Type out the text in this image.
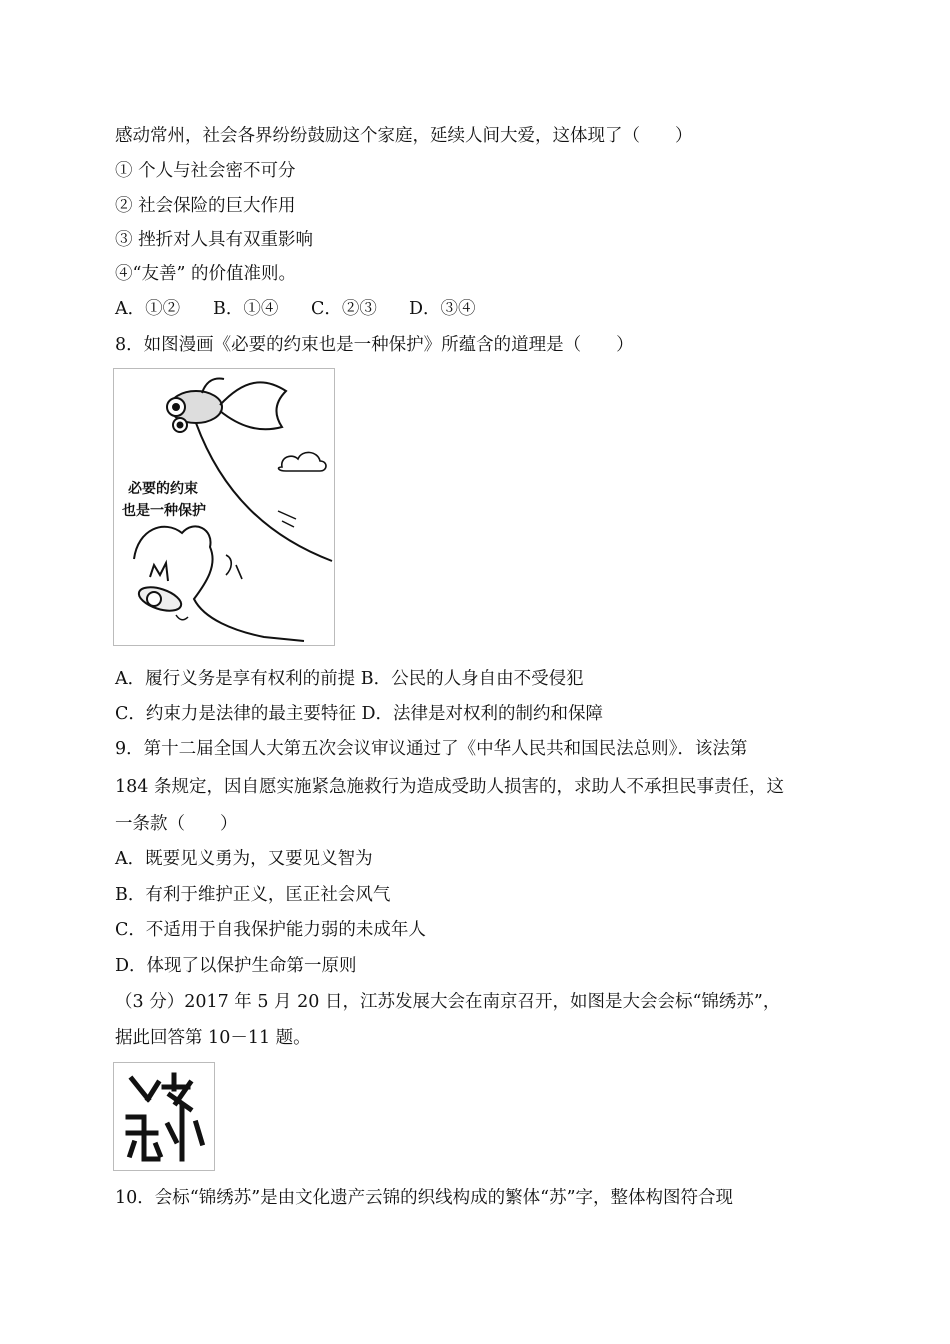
感动常州，社会各界纷纷鼓励这个家庭，延续人间大爱，这体现了（　　）
① 个人与社会密不可分
② 社会保险的巨大作用
③ 挫折对人具有双重影响
④“友善” 的价值准则。
A．①② B．①④ C．②③ D．③④
8．如图漫画《必要的约束也是一种保护》所蕴含的道理是（　　）
必要的约束
也是一种保护
A．履行义务是享有权利的前提 B．公民的人身自由不受侵犯
C．约束力是法律的最主要特征 D．法律是对权利的制约和保障
9．第十二届全国人大第五次会议审议通过了《中华人民共和国民法总则》．该法第
184 条规定，因自愿实施紧急施救行为造成受助人损害的，求助人不承担民事责任，这
一条款（　　）
A．既要见义勇为，又要见义智为
B．有利于维护正义，匡正社会风气
C．不适用于自我保护能力弱的未成年人
D．体现了以保护生命第一原则
（3 分）2017 年 5 月 20 日，江苏发展大会在南京召开，如图是大会会标“锦绣苏”，
据此回答第 10－11 题。
10．会标“锦绣苏”是由文化遗产云锦的织线构成的繁体“苏”字，整体构图符合现
